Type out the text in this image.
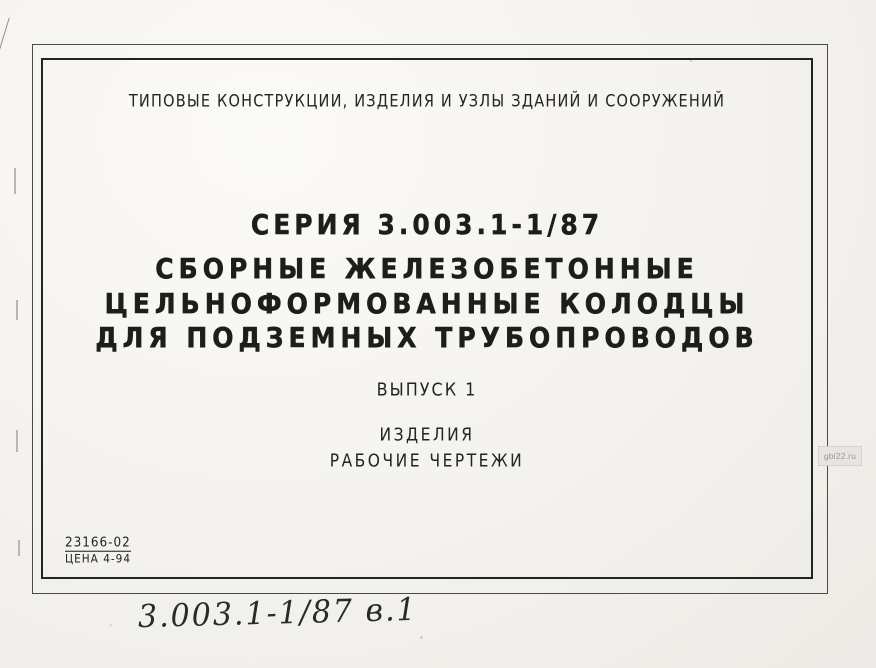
ТИПОВЫЕ КОНСТРУКЦИИ, ИЗДЕЛИЯ И УЗЛЫ ЗДАНИЙ И СООРУЖЕНИЙ
СЕРИЯ 3.003.1-1/87
СБОРНЫЕ ЖЕЛЕЗОБЕТОННЫЕ
ЦЕЛЬНОФОРМОВАННЫЕ КОЛОДЦЫ
ДЛЯ ПОДЗЕМНЫХ ТРУБОПРОВОДОВ
ВЫПУСК 1
ИЗДЕЛИЯ
РАБОЧИЕ ЧЕРТЕЖИ
23166-02
ЦЕНА 4-94
3.003.1-1/87 в.1
gbi22.ru
